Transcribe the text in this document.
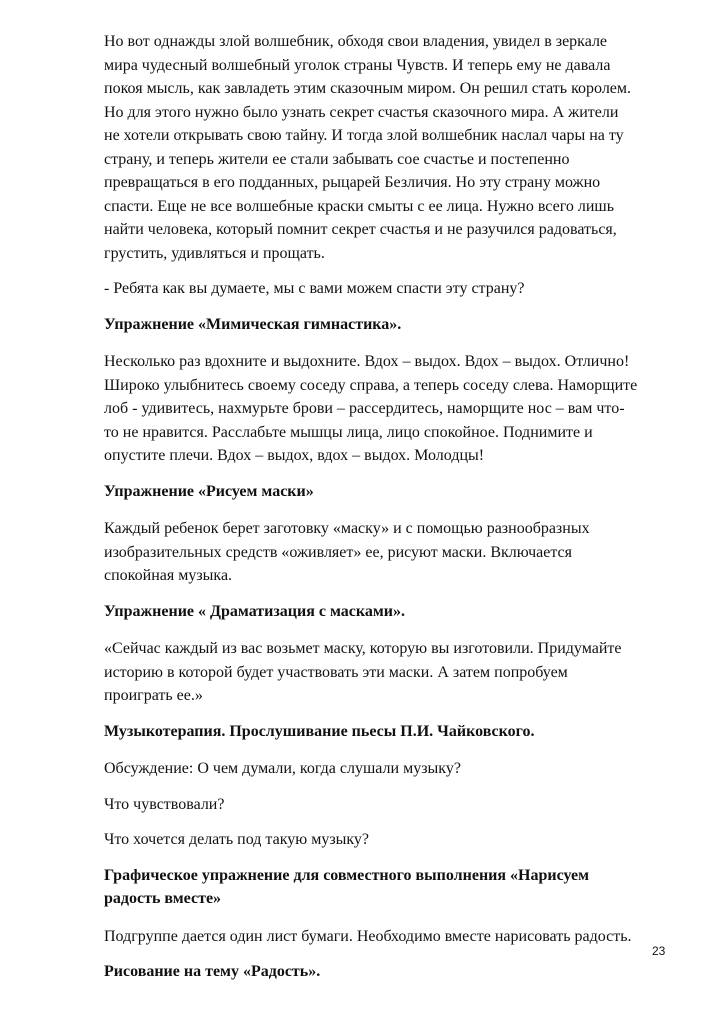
Но вот однажды злой волшебник, обходя свои владения, увидел в зеркале
мира чудесный волшебный уголок страны Чувств. И теперь ему не давала
покоя мысль, как завладеть этим сказочным миром. Он решил стать королем.
Но для этого нужно было узнать секрет счастья сказочного мира. А жители
не хотели открывать свою тайну. И тогда злой волшебник наслал чары на ту
страну, и теперь жители ее стали забывать сое счастье и постепенно
превращаться в его подданных, рыцарей Безличия. Но эту страну можно
спасти. Еще не все волшебные краски смыты с ее лица. Нужно всего лишь
найти человека, который помнит секрет счастья и не разучился радоваться,
грустить, удивляться и прощать.

- Ребята как вы думаете, мы с вами можем спасти эту страну?

Упражнение «Мимическая гимнастика».

Несколько раз вдохните и выдохните. Вдох – выдох. Вдох – выдох. Отлично!
Широко улыбнитесь своему соседу справа, а теперь соседу слева. Наморщите
лоб - удивитесь, нахмурьте брови – рассердитесь, наморщите нос – вам что-
то не нравится. Расслабьте мышцы лица, лицо спокойное. Поднимите и
опустите плечи. Вдох – выдох, вдох – выдох. Молодцы!

Упражнение «Рисуем маски»

Каждый ребенок берет заготовку «маску» и с помощью разнообразных
изобразительных средств «оживляет» ее, рисуют маски. Включается
спокойная музыка.

Упражнение « Драматизация с масками».

«Сейчас каждый из вас возьмет маску, которую вы изготовили. Придумайте
историю в которой будет участвовать эти маски. А затем попробуем
проиграть ее.»

Музыкотерапия. Прослушивание пьесы П.И. Чайковского.

Обсуждение: О чем думали, когда слушали музыку?

Что чувствовали?

Что хочется делать под такую музыку?

Графическое упражнение для совместного выполнения «Нарисуем
радость вместе»

Подгруппе дается один лист бумаги. Необходимо вместе нарисовать радость.

Рисование на тему «Радость».

23
